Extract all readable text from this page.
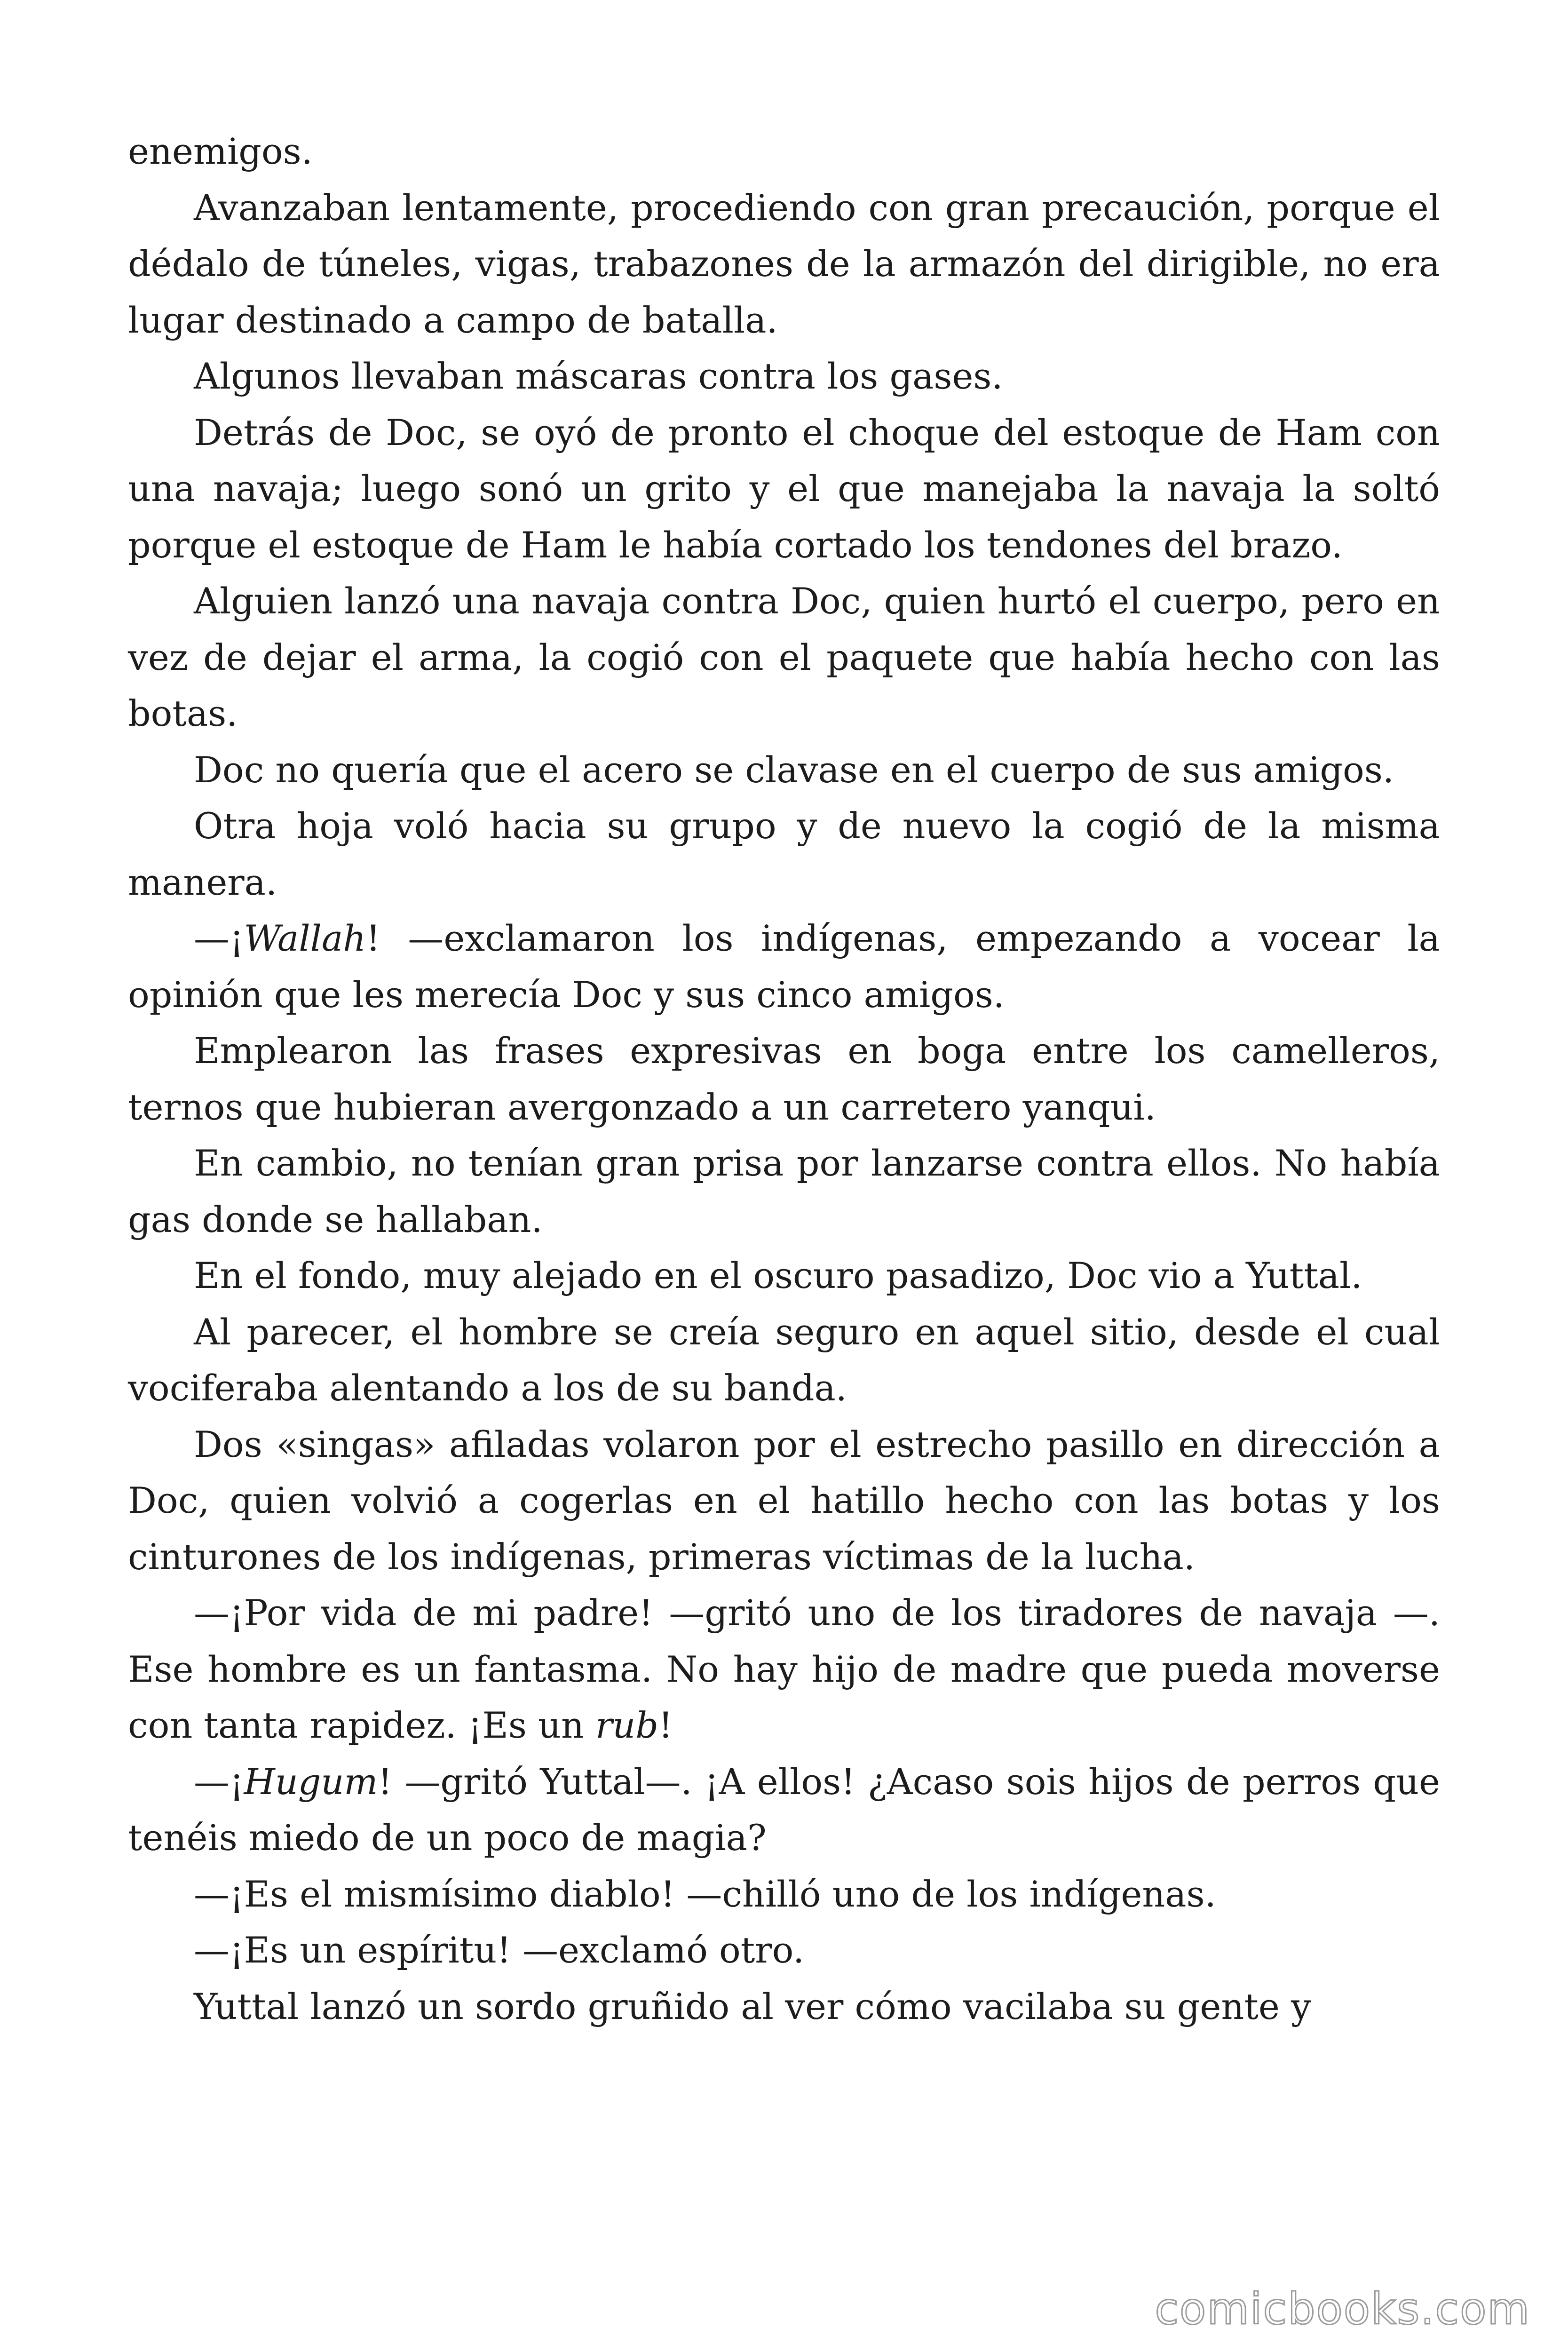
enemigos.

Avanzaban lentamente, procediendo con gran precaución, porque el dédalo de túneles, vigas, trabazones de la armazón del dirigible, no era lugar destinado a campo de batalla.

Algunos llevaban máscaras contra los gases.

Detrás de Doc, se oyó de pronto el choque del estoque de Ham con una navaja; luego sonó un grito y el que manejaba la navaja la soltó porque el estoque de Ham le había cortado los tendones del brazo.

Alguien lanzó una navaja contra Doc, quien hurtó el cuerpo, pero en vez de dejar el arma, la cogió con el paquete que había hecho con las botas.

Doc no quería que el acero se clavase en el cuerpo de sus amigos.

Otra hoja voló hacia su grupo y de nuevo la cogió de la misma manera.

—¡Wallah! —exclamaron los indígenas, empezando a vocear la opinión que les merecía Doc y sus cinco amigos.

Emplearon las frases expresivas en boga entre los camelleros, ternos que hubieran avergonzado a un carretero yanqui.

En cambio, no tenían gran prisa por lanzarse contra ellos. No había gas donde se hallaban.

En el fondo, muy alejado en el oscuro pasadizo, Doc vio a Yuttal.

Al parecer, el hombre se creía seguro en aquel sitio, desde el cual vociferaba alentando a los de su banda.

Dos «singas» afiladas volaron por el estrecho pasillo en dirección a Doc, quien volvió a cogerlas en el hatillo hecho con las botas y los cinturones de los indígenas, primeras víctimas de la lucha.

—¡Por vida de mi padre! —gritó uno de los tiradores de navaja —. Ese hombre es un fantasma. No hay hijo de madre que pueda moverse con tanta rapidez. ¡Es un rub!

—¡Hugum! —gritó Yuttal—. ¡A ellos! ¿Acaso sois hijos de perros que tenéis miedo de un poco de magia?

—¡Es el mismísimo diablo! —chilló uno de los indígenas.

—¡Es un espíritu! —exclamó otro.

Yuttal lanzó un sordo gruñido al ver cómo vacilaba su gente y

comicbooks.com
